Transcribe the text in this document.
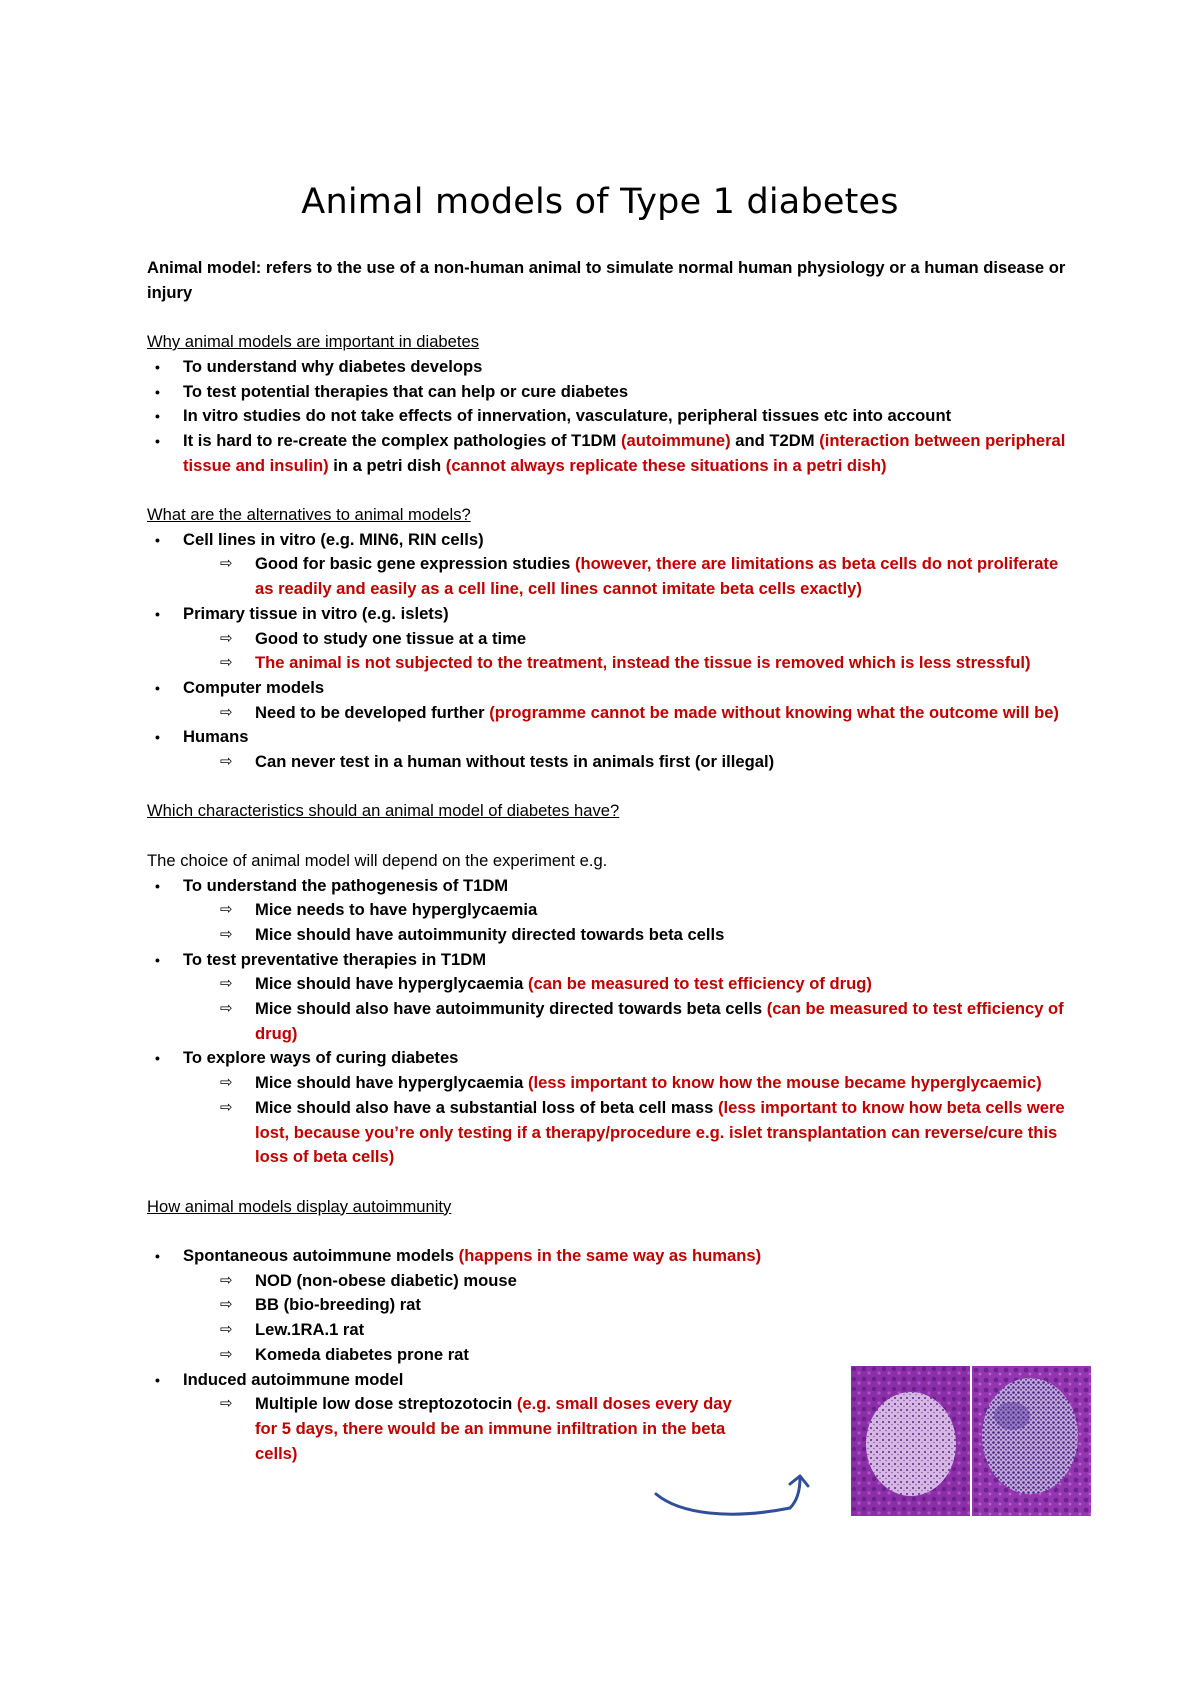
Animal models of Type 1 diabetes

Animal model: refers to the use of a non-human animal to simulate normal human physiology or a human disease or injury

Why animal models are important in diabetes

• To understand why diabetes develops
• To test potential therapies that can help or cure diabetes
• In vitro studies do not take effects of innervation, vasculature, peripheral tissues etc into account
• It is hard to re-create the complex pathologies of T1DM (autoimmune) and T2DM (interaction between peripheral tissue and insulin) in a petri dish (cannot always replicate these situations in a petri dish)

What are the alternatives to animal models?

• Cell lines in vitro (e.g. MIN6, RIN cells)
⇨ Good for basic gene expression studies (however, there are limitations as beta cells do not proliferate as readily and easily as a cell line, cell lines cannot imitate beta cells exactly)
• Primary tissue in vitro (e.g. islets)
⇨ Good to study one tissue at a time
⇨ The animal is not subjected to the treatment, instead the tissue is removed which is less stressful)
• Computer models
⇨ Need to be developed further (programme cannot be made without knowing what the outcome will be)
• Humans
⇨ Can never test in a human without tests in animals first (or illegal)

Which characteristics should an animal model of diabetes have?

The choice of animal model will depend on the experiment e.g.

• To understand the pathogenesis of T1DM
⇨ Mice needs to have hyperglycaemia
⇨ Mice should have autoimmunity directed towards beta cells
• To test preventative therapies in T1DM
⇨ Mice should have hyperglycaemia (can be measured to test efficiency of drug)
⇨ Mice should also have autoimmunity directed towards beta cells (can be measured to test efficiency of drug)
• To explore ways of curing diabetes
⇨ Mice should have hyperglycaemia (less important to know how the mouse became hyperglycaemic)
⇨ Mice should also have a substantial loss of beta cell mass (less important to know how beta cells were lost, because you’re only testing if a therapy/procedure e.g. islet transplantation can reverse/cure this loss of beta cells)

How animal models display autoimmunity

• Spontaneous autoimmune models (happens in the same way as humans)
⇨ NOD (non-obese diabetic) mouse
⇨ BB (bio-breeding) rat
⇨ Lew.1RA.1 rat
⇨ Komeda diabetes prone rat
• Induced autoimmune model
⇨ Multiple low dose streptozotocin (e.g. small doses every day for 5 days, there would be an immune infiltration in the beta cells)
